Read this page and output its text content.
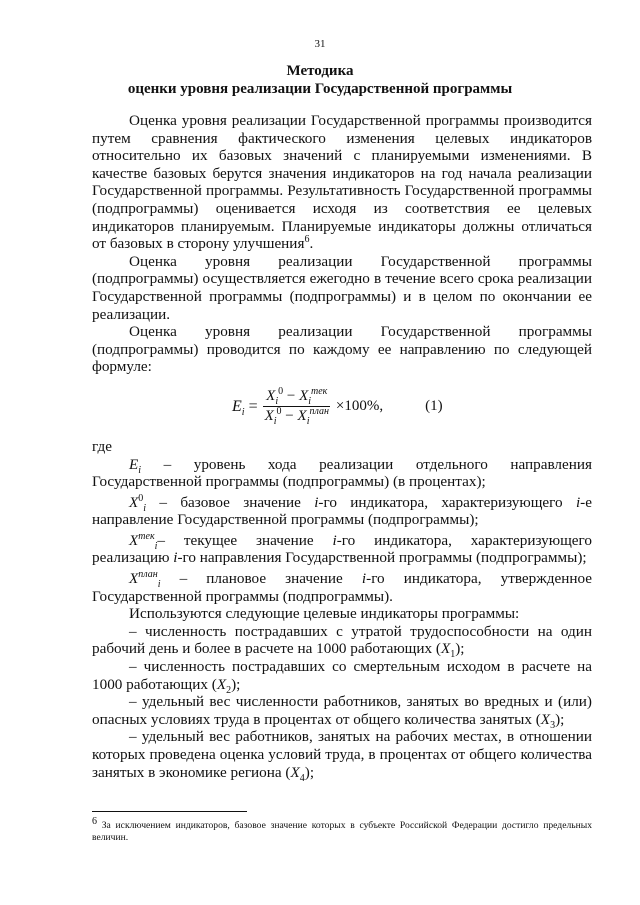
31
Методика
оценки уровня реализации Государственной программы

Оценка уровня реализации Государственной программы производится путем сравнения фактического изменения целевых индикаторов относительно их базовых значений с планируемыми изменениями. В качестве базовых берутся значения индикаторов на год начала реализации Государственной программы. Результативность Государственной программы (подпрограммы) оценивается исходя из соответствия ее целевых индикаторов планируемым. Планируемые индикаторы должны отличаться от базовых в сторону улучшения$^6$.

Оценка уровня реализации Государственной программы (подпрограммы) осуществляется ежегодно в течение всего срока реализации Государственной программы (подпрограммы) и в целом по окончании ее реализации.

Оценка уровня реализации Государственной программы (подпрограммы) проводится по каждому ее направлению по следующей формуле:

$E_i = \frac{X_i^0 - X_i^{тек}}{X_i^0 - X_i^{план}} \times 100\%$,	(1)

где

$E_i$ – уровень хода реализации отдельного направления Государственной программы (подпрограммы) (в процентах);

$X^0_i$ – базовое значение i-го индикатора, характеризующего i-е направление Государственной программы (подпрограммы);

$X^{тек}_i-$ текущее значение i-го индикатора, характеризующего реализацию i-го направления Государственной программы (подпрограммы);

$X^{план}_i$ – плановое значение i-го индикатора, утвержденное Государственной программы (подпрограммы).

Используются следующие целевые индикаторы программы:

– численность пострадавших с утратой трудоспособности на один рабочий день и более в расчете на 1000 работающих $(X_1)$;

– численность пострадавших со смертельным исходом в расчете на 1000 работающих $(X_2)$;

– удельный вес численности работников, занятых во вредных и (или) опасных условиях труда в процентах от общего количества занятых $(X_3)$;

– удельный вес работников, занятых на рабочих местах, в отношении которых проведена оценка условий труда, в процентах от общего количества занятых в экономике региона $(X_4)$;

$^6$ За исключением индикаторов, базовое значение которых в субъекте Российской Федерации достигло предельных величин.
